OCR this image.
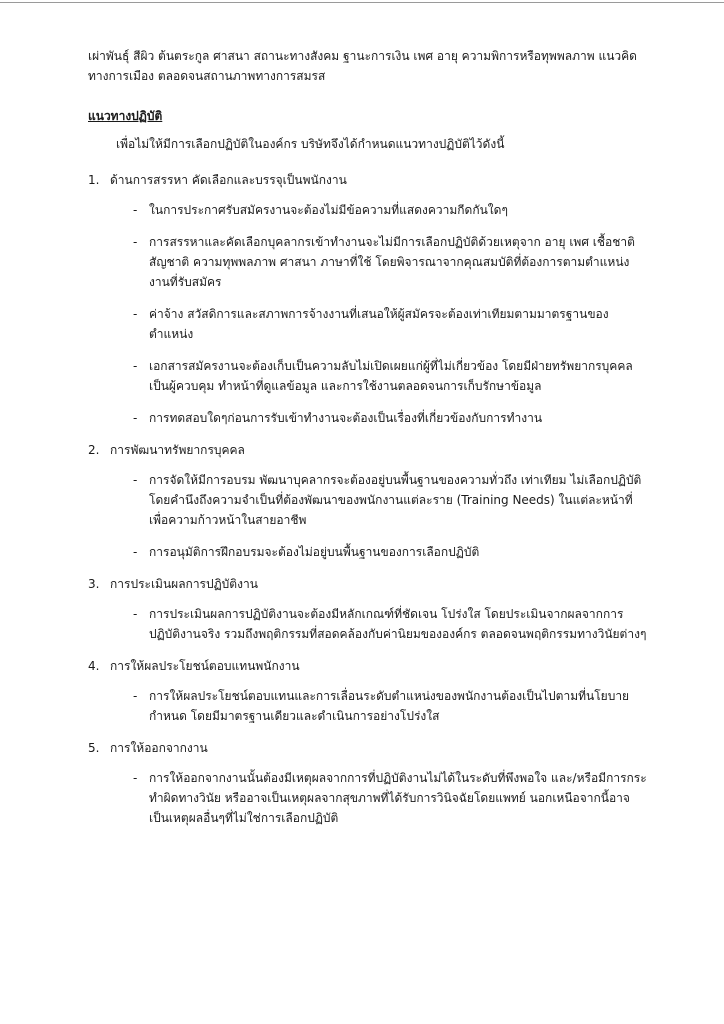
เผ่าพันธุ์ สีผิว ต้นตระกูล ศาสนา สถานะทางสังคม ฐานะการเงิน เพศ อายุ ความพิการหรือทุพพลภาพ แนวคิดทางการเมือง ตลอดจนสถานภาพทางการสมรส

แนวทางปฏิบัติ

เพื่อไม่ให้มีการเลือกปฏิบัติในองค์กร บริษัทจึงได้กำหนดแนวทางปฏิบัติไว้ดังนี้

1. ด้านการสรรหา คัดเลือกและบรรจุเป็นพนักงาน
- ในการประกาศรับสมัครงานจะต้องไม่มีข้อความที่แสดงความกีดกันใดๆ
- การสรรหาและคัดเลือกบุคลากรเข้าทำงานจะไม่มีการเลือกปฏิบัติด้วยเหตุจาก อายุ เพศ เชื้อชาติ สัญชาติ ความทุพพลภาพ ศาสนา ภาษาที่ใช้ โดยพิจารณาจากคุณสมบัติที่ต้องการตามตำแหน่งงานที่รับสมัคร
- ค่าจ้าง สวัสดิการและสภาพการจ้างงานที่เสนอให้ผู้สมัครจะต้องเท่าเทียมตามมาตรฐานของตำแหน่ง
- เอกสารสมัครงานจะต้องเก็บเป็นความลับไม่เปิดเผยแก่ผู้ที่ไม่เกี่ยวข้อง โดยมีฝ่ายทรัพยากรบุคคลเป็นผู้ควบคุม ทำหน้าที่ดูแลข้อมูล และการใช้งานตลอดจนการเก็บรักษาข้อมูล
- การทดสอบใดๆก่อนการรับเข้าทำงานจะต้องเป็นเรื่องที่เกี่ยวข้องกับการทำงาน
2. การพัฒนาทรัพยากรบุคคล
- การจัดให้มีการอบรม พัฒนาบุคลากรจะต้องอยู่บนพื้นฐานของความทั่วถึง เท่าเทียม ไม่เลือกปฏิบัติ โดยคำนึงถึงความจำเป็นที่ต้องพัฒนาของพนักงานแต่ละราย (Training Needs) ในแต่ละหน้าที่ เพื่อความก้าวหน้าในสายอาชีพ
- การอนุมัติการฝึกอบรมจะต้องไม่อยู่บนพื้นฐานของการเลือกปฏิบัติ
3. การประเมินผลการปฏิบัติงาน
- การประเมินผลการปฏิบัติงานจะต้องมีหลักเกณฑ์ที่ชัดเจน โปร่งใส โดยประเมินจากผลจากการปฏิบัติงานจริง รวมถึงพฤติกรรมที่สอดคล้องกับค่านิยมขององค์กร ตลอดจนพฤติกรรมทางวินัยต่างๆ
4. การให้ผลประโยชน์ตอบแทนพนักงาน
- การให้ผลประโยชน์ตอบแทนและการเลื่อนระดับตำแหน่งของพนักงานต้องเป็นไปตามที่นโยบายกำหนด โดยมีมาตรฐานเดียวและดำเนินการอย่างโปร่งใส
5. การให้ออกจากงาน
- การให้ออกจากงานนั้นต้องมีเหตุผลจากการที่ปฏิบัติงานไม่ได้ในระดับที่พึงพอใจ และ/หรือมีการกระทำผิดทางวินัย หรืออาจเป็นเหตุผลจากสุขภาพที่ได้รับการวินิจฉัยโดยแพทย์ นอกเหนือจากนี้อาจเป็นเหตุผลอื่นๆที่ไม่ใช่การเลือกปฏิบัติ
